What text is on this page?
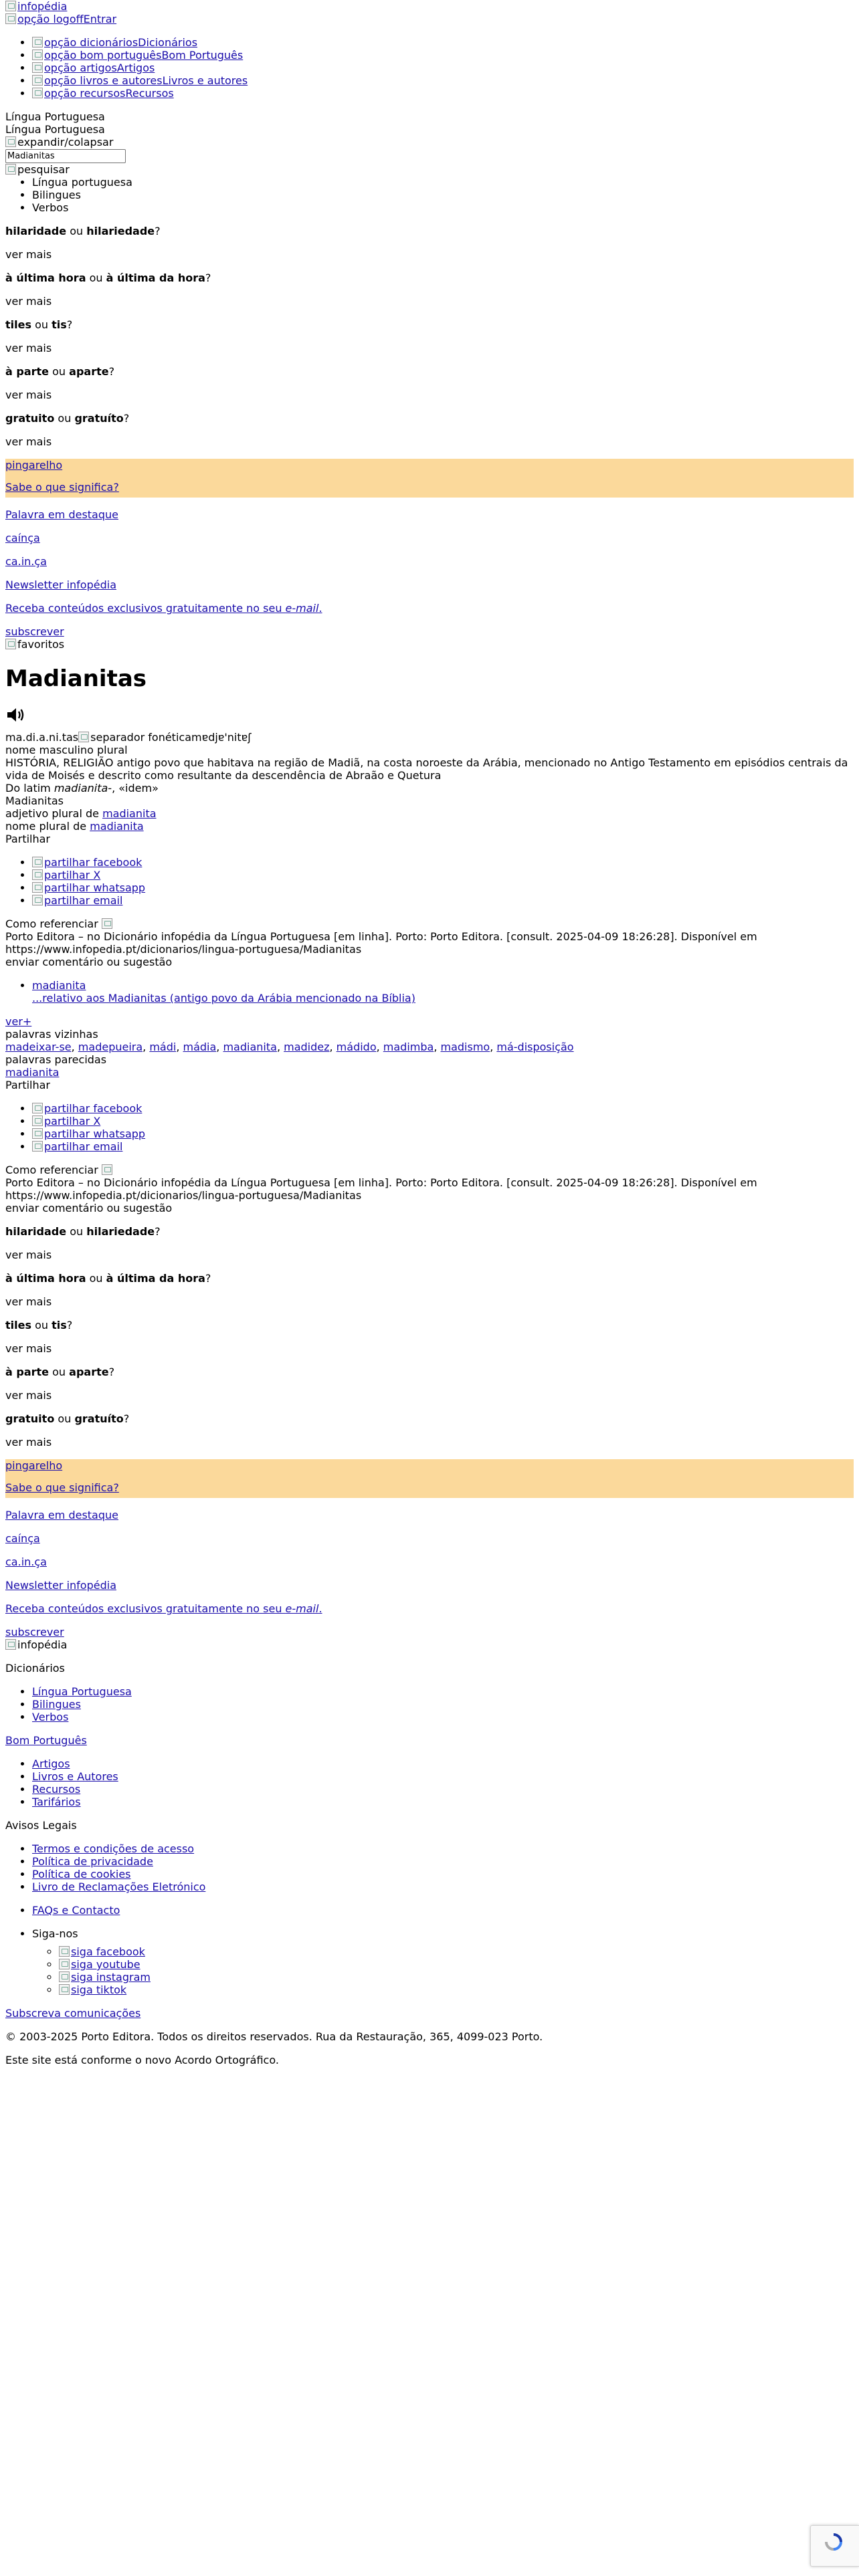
infopédia
opção logoffEntrar
• opção dicionáriosDicionários
• opção bom portuguêsBom Português
• opção artigosArtigos
• opção livros e autoresLivros e autores
• opção recursosRecursos
Língua Portuguesa
Língua Portuguesa
expandir/colapsar
Madianitas
pesquisar
• Língua portuguesa
• Bilingues
• Verbos

hilaridade ou hilariedade?

ver mais

à última hora ou à última da hora?

ver mais

tiles ou tis?

ver mais

à parte ou aparte?

ver mais

gratuito ou gratuíto?

ver mais

pingarelho
Sabe o que significa?

Palavra em destaque

caínça

ca.in.ça

Newsletter infopédia

Receba conteúdos exclusivos gratuitamente no seu e-mail.

subscrever
favoritos
Madianitas
ma.di.a.ni.tas separador fonéticamɐdjɐ'nitɐʃ
nome masculino plural
HISTÓRIA, RELIGIÃO antigo povo que habitava na região de Madiã, na costa noroeste da Arábia, mencionado no Antigo Testamento em episódios centrais da vida de Moisés e descrito como resultante da descendência de Abraão e Quetura
Do latim madianita-, «idem»
Madianitas
adjetivo plural de madianita
nome plural de madianita
Partilhar
• partilhar facebook
• partilhar X
• partilhar whatsapp
• partilhar email
Como referenciar
Porto Editora – no Dicionário infopédia da Língua Portuguesa [em linha]. Porto: Porto Editora. [consult. 2025-04-09 18:26:28]. Disponível em https://www.infopedia.pt/dicionarios/lingua-portuguesa/Madianitas
enviar comentário ou sugestão
• madianita
...relativo aos Madianitas (antigo povo da Arábia mencionado na Bíblia)
ver+
palavras vizinhas
madeixar-se, madepueira, mádi, mádia, madianita, madidez, mádido, madimba, madismo, má-disposição
palavras parecidas
madianita
Partilhar
• partilhar facebook
• partilhar X
• partilhar whatsapp
• partilhar email
Como referenciar
Porto Editora – no Dicionário infopédia da Língua Portuguesa [em linha]. Porto: Porto Editora. [consult. 2025-04-09 18:26:28]. Disponível em https://www.infopedia.pt/dicionarios/lingua-portuguesa/Madianitas
enviar comentário ou sugestão

hilaridade ou hilariedade?

ver mais

à última hora ou à última da hora?

ver mais

tiles ou tis?

ver mais

à parte ou aparte?

ver mais

gratuito ou gratuíto?

ver mais

pingarelho
Sabe o que significa?

Palavra em destaque

caínça

ca.in.ça

Newsletter infopédia

Receba conteúdos exclusivos gratuitamente no seu e-mail.

subscrever
infopédia

Dicionários

• Língua Portuguesa
• Bilingues
• Verbos

Bom Português

• Artigos
• Livros e Autores
• Recursos
• Tarifários

Avisos Legais

• Termos e condições de acesso
• Política de privacidade
• Política de cookies
• Livro de Reclamações Eletrónico
• FAQs e Contacto
• Siga-nos
◦ siga facebook
◦ siga youtube
◦ siga instagram
◦ siga tiktok

Subscreva comunicações

© 2003-2025 Porto Editora. Todos os direitos reservados. Rua da Restauração, 365, 4099-023 Porto.

Este site está conforme o novo Acordo Ortográfico.
